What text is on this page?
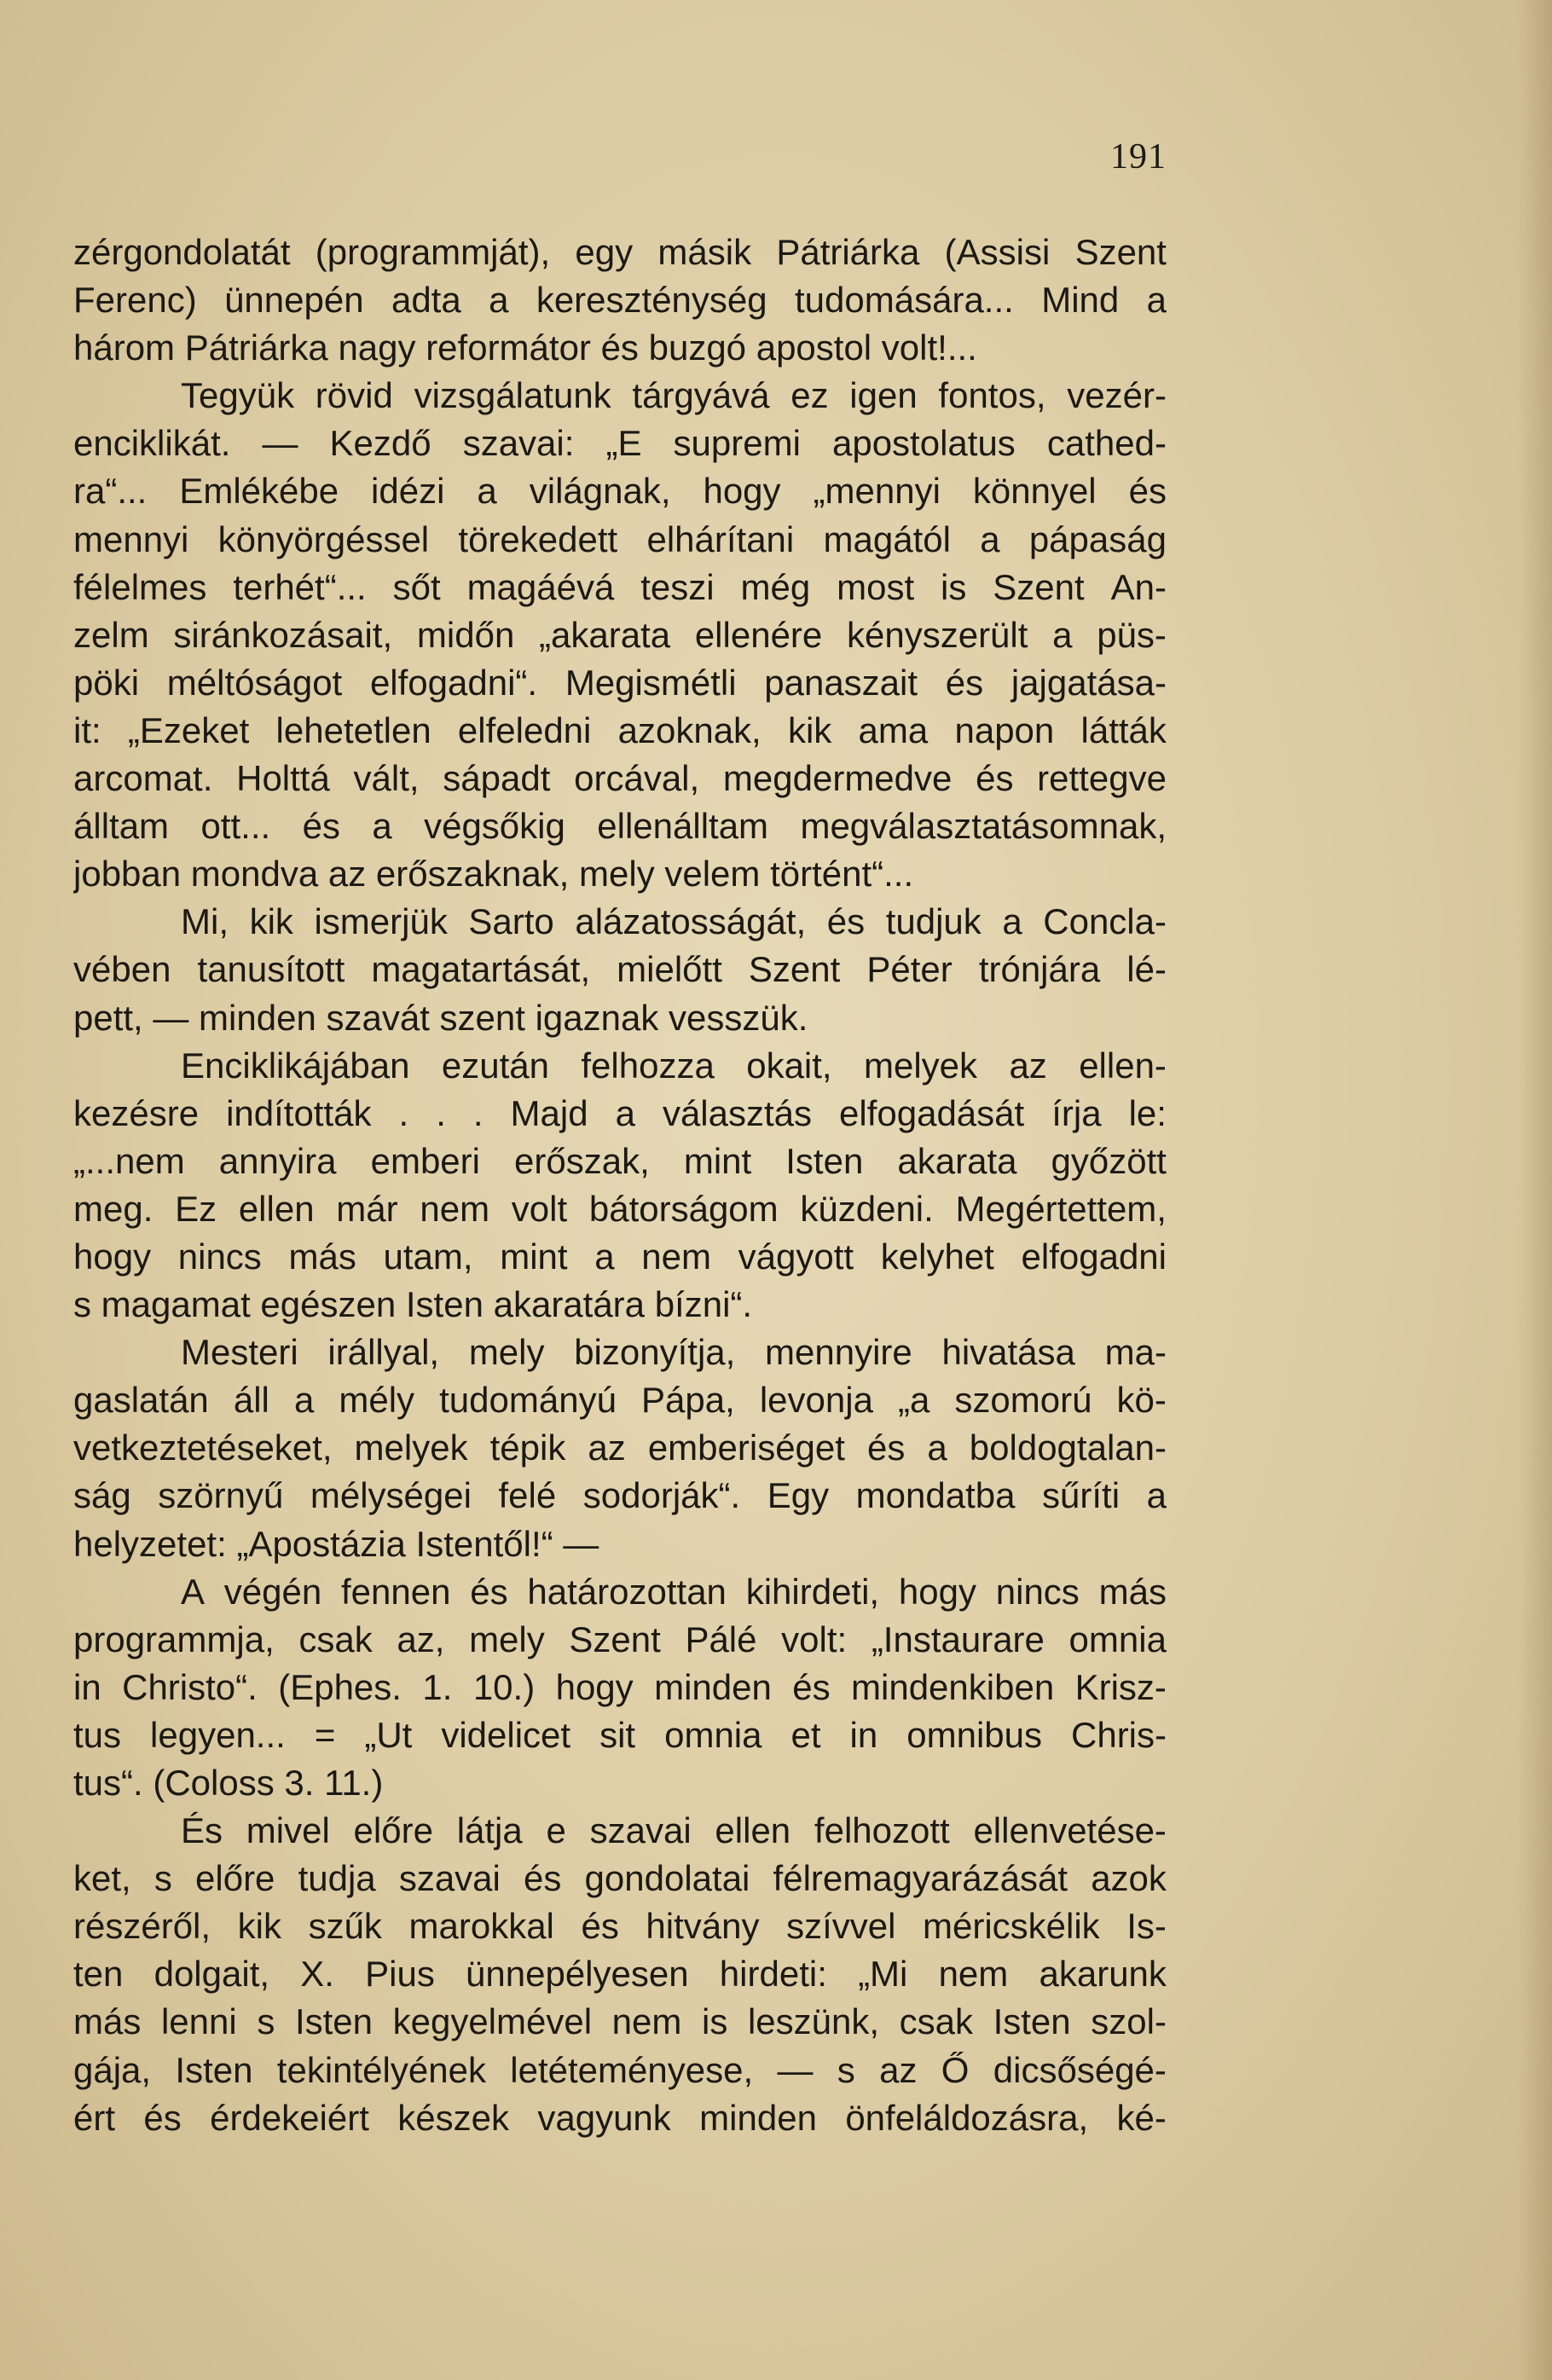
191
zérgondolatát (programmját), egy másik Pátriárka (Assisi Szent
Ferenc) ünnepén adta a kereszténység tudomására... Mind a
három Pátriárka nagy reformátor és buzgó apostol volt!...
Tegyük rövid vizsgálatunk tárgyává ez igen fontos, vezér-
enciklikát. — Kezdő szavai: „E supremi apostolatus cathed-
ra“... Emlékébe idézi a világnak, hogy „mennyi könnyel és
mennyi könyörgéssel törekedett elhárítani magától a pápaság
félelmes terhét“... sőt magáévá teszi még most is Szent An-
zelm siránkozásait, midőn „akarata ellenére kényszerült a püs-
pöki méltóságot elfogadni“. Megismétli panaszait és jajgatása-
it: „Ezeket lehetetlen elfeledni azoknak, kik ama napon látták
arcomat. Holttá vált, sápadt orcával, megdermedve és rettegve
álltam ott... és a végsőkig ellenálltam megválasztatásomnak,
jobban mondva az erőszaknak, mely velem történt“...
Mi, kik ismerjük Sarto alázatosságát, és tudjuk a Concla-
vében tanusított magatartását, mielőtt Szent Péter trónjára lé-
pett, — minden szavát szent igaznak vesszük.
Enciklikájában ezután felhozza okait, melyek az ellen-
kezésre indították . . . Majd a választás elfogadását írja le:
„...nem annyira emberi erőszak, mint Isten akarata győzött
meg. Ez ellen már nem volt bátorságom küzdeni. Megértettem,
hogy nincs más utam, mint a nem vágyott kelyhet elfogadni
s magamat egészen Isten akaratára bízni“.
Mesteri irállyal, mely bizonyítja, mennyire hivatása ma-
gaslatán áll a mély tudományú Pápa, levonja „a szomorú kö-
vetkeztetéseket, melyek tépik az emberiséget és a boldogtalan-
ság szörnyű mélységei felé sodorják“. Egy mondatba sűríti a
helyzetet: „Apostázia Istentől!“ —
A végén fennen és határozottan kihirdeti, hogy nincs más
programmja, csak az, mely Szent Pálé volt: „Instaurare omnia
in Christo“. (Ephes. 1. 10.) hogy minden és mindenkiben Krisz-
tus legyen... = „Ut videlicet sit omnia et in omnibus Chris-
tus“. (Coloss 3. 11.)
És mivel előre látja e szavai ellen felhozott ellenvetése-
ket, s előre tudja szavai és gondolatai félremagyarázását azok
részéről, kik szűk marokkal és hitvány szívvel méricskélik Is-
ten dolgait, X. Pius ünnepélyesen hirdeti: „Mi nem akarunk
más lenni s Isten kegyelmével nem is leszünk, csak Isten szol-
gája, Isten tekintélyének letéteményese, — s az Ő dicsőségé-
ért és érdekeiért készek vagyunk minden önfeláldozásra, ké-
